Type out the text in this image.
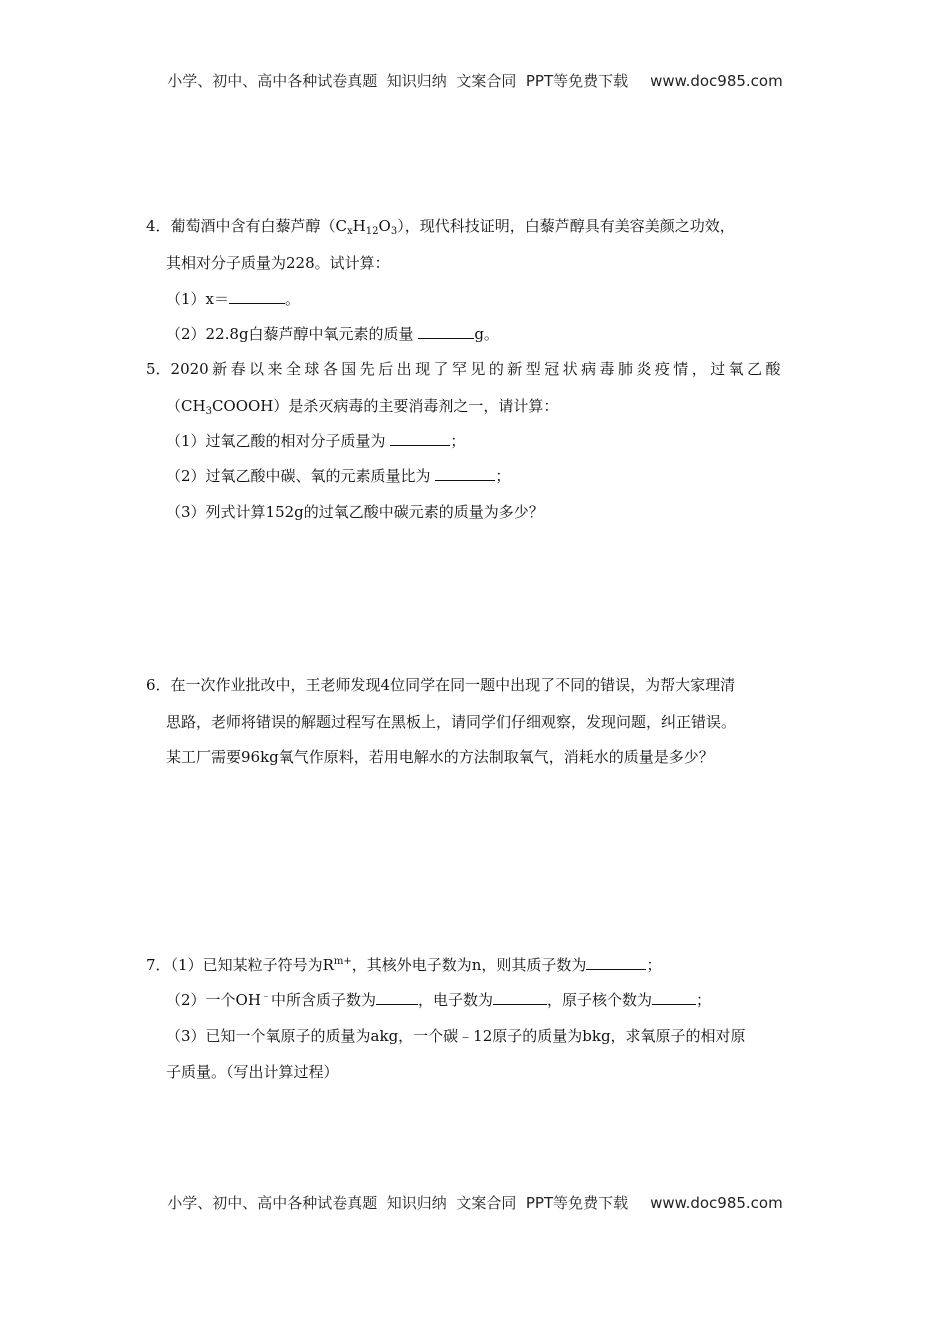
小学、初中、高中各种试卷真题  知识归纳  文案合同  PPT等免费下载 www.doc985.com
4．葡萄酒中含有白藜芦醇$(C_xH_{12}O_3)$，现代科技证明，白藜芦醇具有美容美颜之功效，
其相对分子质量为228。试计算：
（1）x＝	。
（2）22.8g白藜芦醇中氧元素的质量	g。
5．2020新春以来全球各国先后出现了罕见的新型冠状病毒肺炎疫情，过氧乙酸
$(CH_3COOOH)$是杀灭病毒的主要消毒剂之一，请计算：
（1）过氧乙酸的相对分子质量为	；
（2）过氧乙酸中碳、氧的元素质量比为	；
（3）列式计算152g的过氧乙酸中碳元素的质量为多少？
6．在一次作业批改中，王老师发现4位同学在同一题中出现了不同的错误，为帮大家理清
思路，老师将错误的解题过程写在黑板上，请同学们仔细观察，发现问题，纠正错误。
某工厂需要96kg氧气作原料，若用电解水的方法制取氧气，消耗水的质量是多少？
7．（1）已知某粒子符号为$R^{m+}$，其核外电子数为n，则其质子数为	；
（2）一个OH﹣中所含质子数为	，电子数为	，原子核个数为	；
（3）已知一个氧原子的质量为akg，一个碳﹣12原子的质量为bkg，求氧原子的相对原
子质量。（写出计算过程）
小学、初中、高中各种试卷真题  知识归纳  文案合同  PPT等免费下载 www.doc985.com
